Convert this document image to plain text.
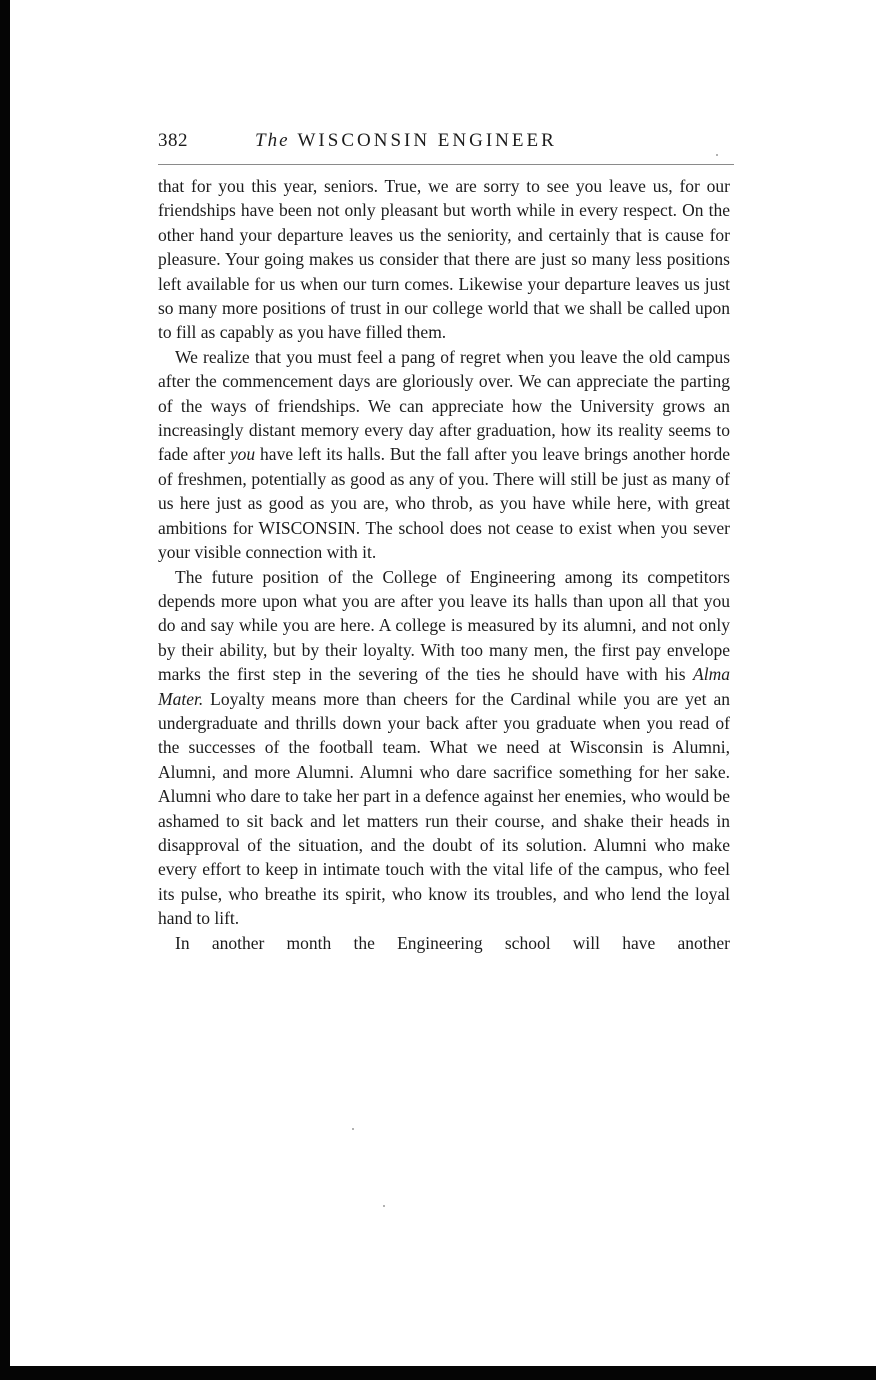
382	The WISCONSIN ENGINEER

that for you this year, seniors. True, we are sorry to see you leave us, for our friendships have been not only pleasant but worth while in every respect. On the other hand your departure leaves us the seniority, and certainly that is cause for pleasure. Your going makes us consider that there are just so many less positions left available for us when our turn comes. Likewise your departure leaves us just so many more positions of trust in our college world that we shall be called upon to fill as capably as you have filled them.

We realize that you must feel a pang of regret when you leave the old campus after the commencement days are gloriously over. We can appreciate the parting of the ways of friendships. We can appreciate how the University grows an increasingly distant memory every day after graduation, how its reality seems to fade after you have left its halls. But the fall after you leave brings another horde of freshmen, potentially as good as any of you. There will still be just as many of us here just as good as you are, who throb, as you have while here, with great ambitions for WISCONSIN. The school does not cease to exist when you sever your visible connection with it.

The future position of the College of Engineering among its competitors depends more upon what you are after you leave its halls than upon all that you do and say while you are here. A college is measured by its alumni, and not only by their ability, but by their loyalty. With too many men, the first pay envelope marks the first step in the severing of the ties he should have with his Alma Mater. Loyalty means more than cheers for the Cardinal while you are yet an undergraduate and thrills down your back after you graduate when you read of the successes of the football team. What we need at Wisconsin is Alumni, Alumni, and more Alumni. Alumni who dare sacrifice something for her sake. Alumni who dare to take her part in a defence against her enemies, who would be ashamed to sit back and let matters run their course, and shake their heads in disapproval of the situation, and the doubt of its solution. Alumni who make every effort to keep in intimate touch with the vital life of the campus, who feel its pulse, who breathe its spirit, who know its troubles, and who lend the loyal hand to lift.

In another month the Engineering school will have another
